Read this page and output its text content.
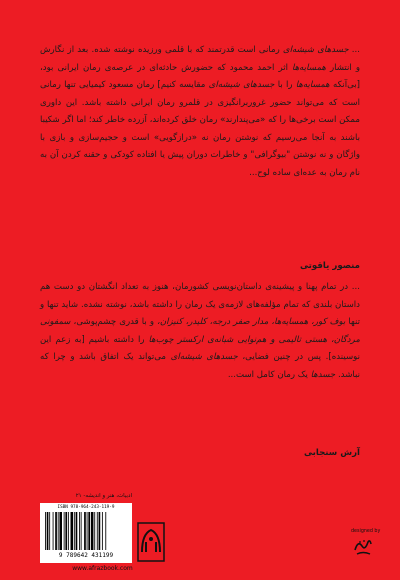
... جسدهای شیشه‌ای رمانی است قدرتمند که با قلمی ورزیده نوشته شده. بعد از نگارش و انتشار همسایه‌ها اثر احمد محمود که حضورش حادثه‌ای در عرصه‌ی رمان ایرانی بود، [بی‌آنکه همسایه‌ها را با جسدهای شیشه‌ای مقایسه کنیم] رمان مسعود کیمیایی تنها رمانی است که می‌تواند حضور غروربرانگیزی در قلمرو رمان ایرانی داشته باشد. این داوری ممکن است برخی‌ها را که «می‌پندارند» رمان خلق کرده‌اند، آزرده خاطر کند؛ اما اگر شکیبا باشند به آنجا می‌رسیم که نوشتن رمان نه «درازگویی» است و حجیم‌سازی و بازی با واژگان و نه نوشتن "بیوگرافی" و خاطرات دوران پیش یا افتاده کودکی و حقنه کردن آن به نام رمان به عده‌ای ساده لوح...

منصور یاقوتی

... در تمام پهنا و پیشینه‌ی داستان‌نویسی کشورمان، هنوز به تعداد انگشتان دو دست هم داستان بلندی که تمام مؤلفه‌های لازمه‌ی یک رمان را داشته باشد، نوشته نشده. شاید تنها و تنها بوف کور، همسایه‌ها، مدار صفر درجه، کلیدر، کنیزان، و با قدری چشم‌پوشی، سمفونی مردگان، هستی تالیمی و هم‌نوایی شبانه‌ی ارکستر چوب‌ها را داشته باشیم [به زعم این نوسینده]. پس در چنین فضایی، جسدهای شیشه‌ای می‌تواند یک اتفاق باشد و چرا که نباشد. جسدها یک رمان کامل است...

آرش سنجابی
ادبیات، هنر و اندیشه- ۲۱
ISBN 978-964-243-119-9
9 789642 431199
www.afrazbook.com
designed by
